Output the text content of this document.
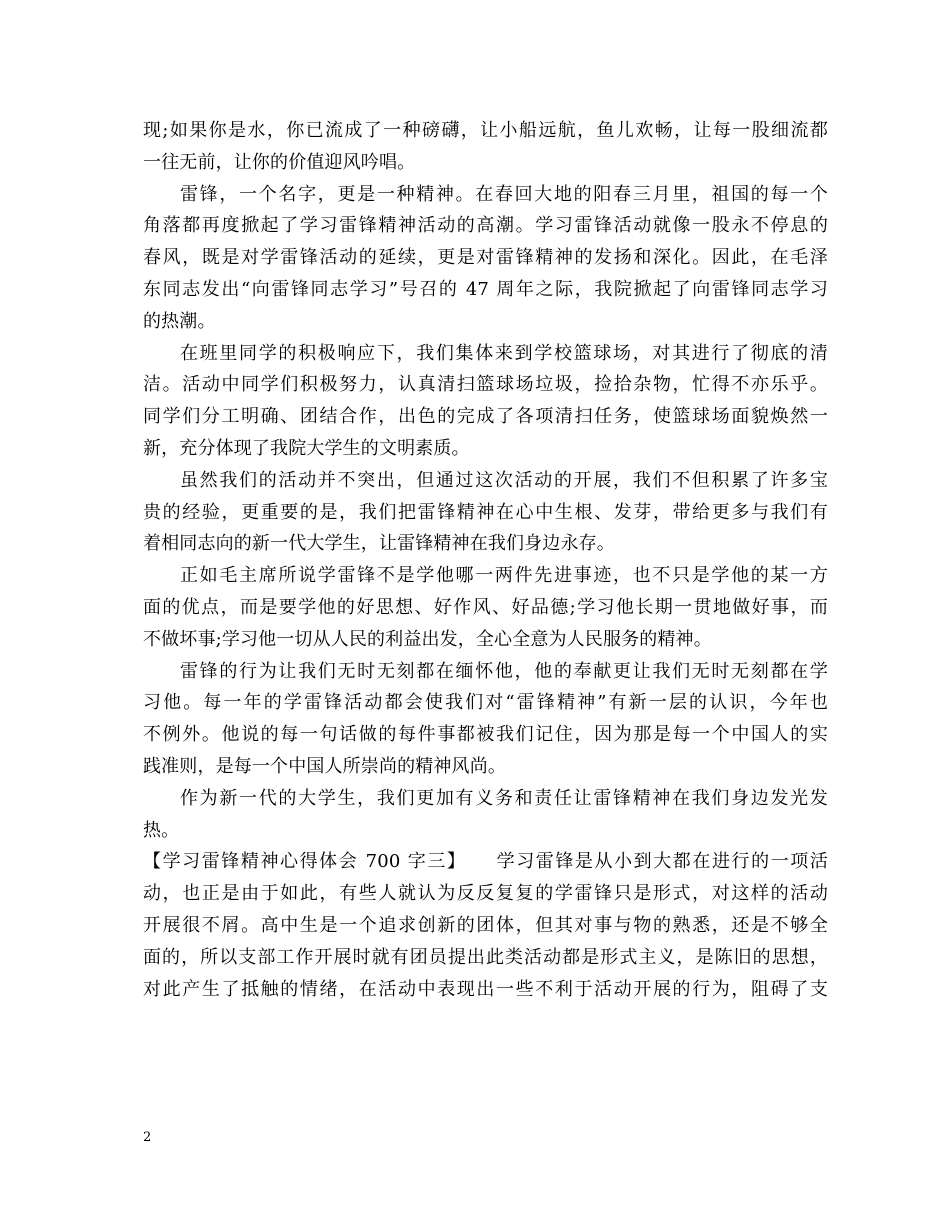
现;如果你是水，你已流成了一种磅礴，让小船远航，鱼儿欢畅，让每一股细流都
一往无前，让你的价值迎风吟唱。
雷锋，一个名字，更是一种精神。在春回大地的阳春三月里，祖国的每一个
角落都再度掀起了学习雷锋精神活动的高潮。学习雷锋活动就像一股永不停息的
春风，既是对学雷锋活动的延续，更是对雷锋精神的发扬和深化。因此，在毛泽
东同志发出“向雷锋同志学习”号召的 47 周年之际，我院掀起了向雷锋同志学习
的热潮。
在班里同学的积极响应下，我们集体来到学校篮球场，对其进行了彻底的清
洁。活动中同学们积极努力，认真清扫篮球场垃圾，捡拾杂物，忙得不亦乐乎。
同学们分工明确、团结合作，出色的完成了各项清扫任务，使篮球场面貌焕然一
新，充分体现了我院大学生的文明素质。
虽然我们的活动并不突出，但通过这次活动的开展，我们不但积累了许多宝
贵的经验，更重要的是，我们把雷锋精神在心中生根、发芽，带给更多与我们有
着相同志向的新一代大学生，让雷锋精神在我们身边永存。
正如毛主席所说学雷锋不是学他哪一两件先进事迹，也不只是学他的某一方
面的优点，而是要学他的好思想、好作风、好品德;学习他长期一贯地做好事，而
不做坏事;学习他一切从人民的利益出发，全心全意为人民服务的精神。
雷锋的行为让我们无时无刻都在缅怀他，他的奉献更让我们无时无刻都在学
习他。每一年的学雷锋活动都会使我们对“雷锋精神”有新一层的认识，今年也
不例外。他说的每一句话做的每件事都被我们记住，因为那是每一个中国人的实
践准则，是每一个中国人所崇尚的精神风尚。
作为新一代的大学生，我们更加有义务和责任让雷锋精神在我们身边发光发
热。
【学习雷锋精神心得体会 700 字三】　　学习雷锋是从小到大都在进行的一项活
动，也正是由于如此，有些人就认为反反复复的学雷锋只是形式，对这样的活动
开展很不屑。高中生是一个追求创新的团体，但其对事与物的熟悉，还是不够全
面的，所以支部工作开展时就有团员提出此类活动都是形式主义，是陈旧的思想，
对此产生了抵触的情绪，在活动中表现出一些不利于活动开展的行为，阻碍了支
2
